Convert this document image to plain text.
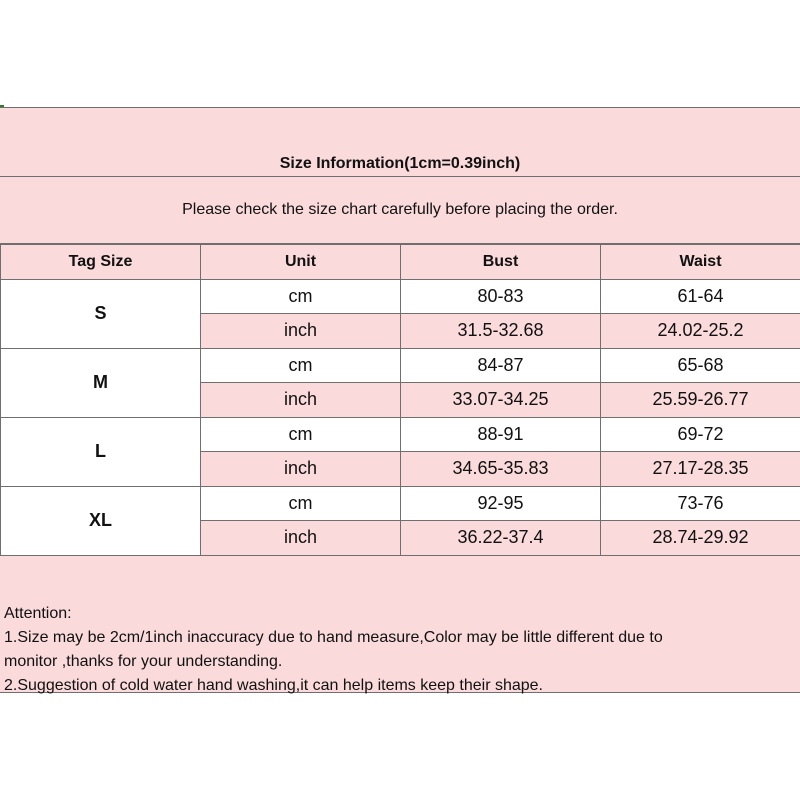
Tag Size	Unit	Bust	Waist
S	cm	80-83	61-64
	inch	31.5-32.68	24.02-25.2
M	cm	84-87	65-68
	inch	33.07-34.25	25.59-26.77
L	cm	88-91	69-72
	inch	34.65-35.83	27.17-28.35
XL	cm	92-95	73-76
	inch	36.22-37.4	28.74-29.92
Attention:
1.Size may be 2cm/1inch inaccuracy due to hand measure,Color may be little different due to
monitor ,thanks for your understanding.
2.Suggestion of cold water hand washing,it can help items keep their shape.
Size Information(1cm=0.39inch)
Please check the size chart carefully before placing the order.
